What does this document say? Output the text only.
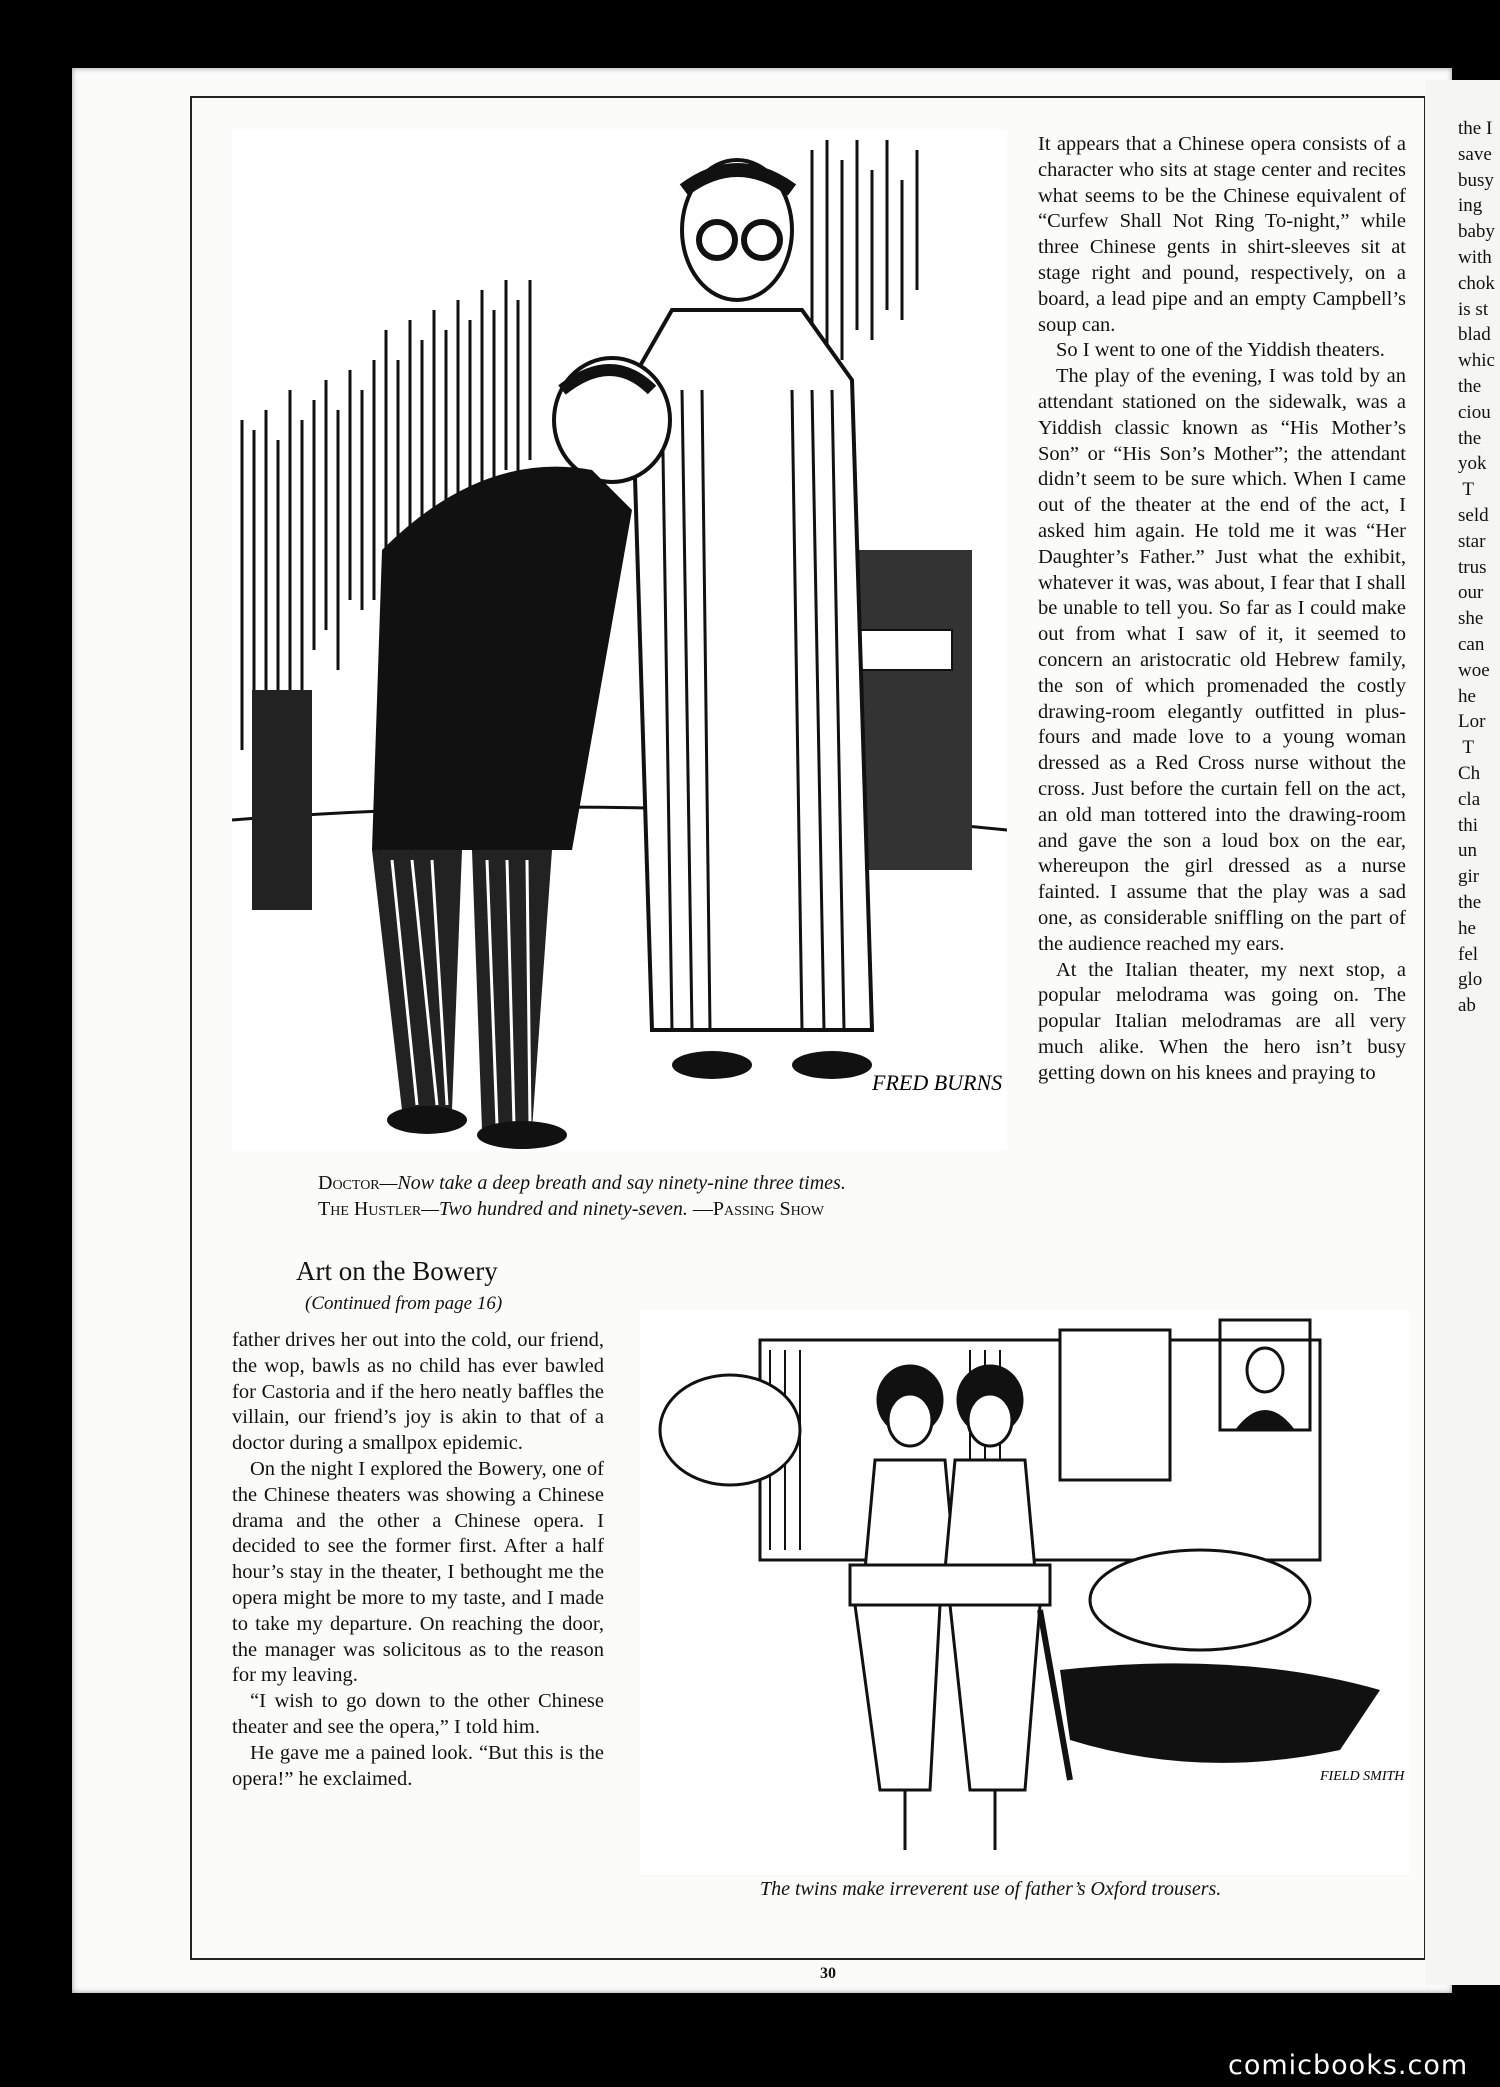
the I
save
busy
ing
baby
with
chok
is st
blad
whic
the
ciou
the
yok
T
seld
star
trus
our
she
can
woe
he
Lor
T
Ch
cla
thi
un
gir
the
he
fel
glo
ab
FRED BURNS
Doctor—Now take a deep breath and say ninety-nine three times.
The Hustler—Two hundred and ninety-seven. —Passing Show
Art on the Bowery
(Continued from page 16)

It appears that a Chinese opera consists of a character who sits at stage center and recites what seems to be the Chinese equivalent of “Curfew Shall Not Ring To-night,” while three Chinese gents in shirt-sleeves sit at stage right and pound, respectively, on a board, a lead pipe and an empty Campbell’s soup can.

So I went to one of the Yiddish theaters.

The play of the evening, I was told by an attendant stationed on the sidewalk, was a Yiddish classic known as “His Mother’s Son” or “His Son’s Mother”; the attendant didn’t seem to be sure which. When I came out of the theater at the end of the act, I asked him again. He told me it was “Her Daughter’s Father.” Just what the exhibit, whatever it was, was about, I fear that I shall be unable to tell you. So far as I could make out from what I saw of it, it seemed to concern an aristocratic old Hebrew family, the son of which promenaded the costly drawing-room elegantly outfitted in plus-fours and made love to a young woman dressed as a Red Cross nurse without the cross. Just before the curtain fell on the act, an old man tottered into the drawing-room and gave the son a loud box on the ear, whereupon the girl dressed as a nurse fainted. I assume that the play was a sad one, as considerable sniffling on the part of the audience reached my ears.

At the Italian theater, my next stop, a popular melodrama was going on. The popular Italian melodramas are all very much alike. When the hero isn’t busy getting down on his knees and praying to

father drives her out into the cold, our friend, the wop, bawls as no child has ever bawled for Castoria and if the hero neatly baffles the villain, our friend’s joy is akin to that of a doctor during a smallpox epidemic.

On the night I explored the Bowery, one of the Chinese theaters was showing a Chinese drama and the other a Chinese opera. I decided to see the former first. After a half hour’s stay in the theater, I bethought me the opera might be more to my taste, and I made to take my departure. On reaching the door, the manager was solicitous as to the reason for my leaving.

“I wish to go down to the other Chinese theater and see the opera,” I told him.

He gave me a pained look. “But this is the opera!” he exclaimed.	FIELD SMITH
The twins make irreverent use of father’s Oxford trousers.
30
comicbooks.com
